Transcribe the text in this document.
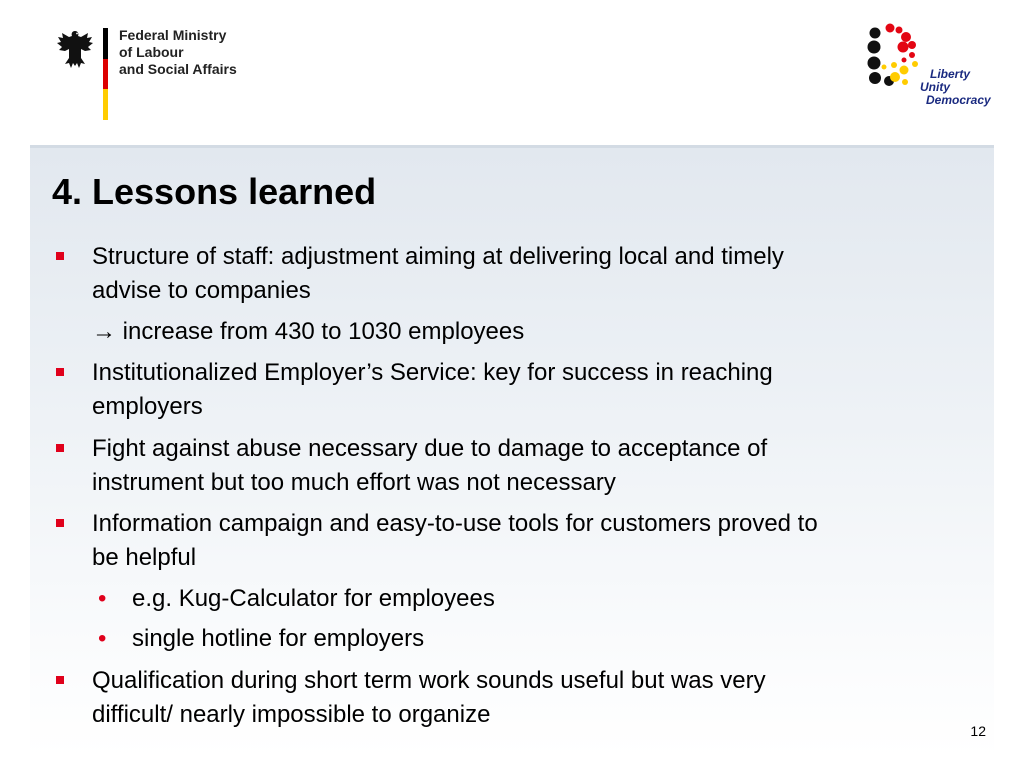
Federal Ministry
of Labour
and Social Affairs	Liberty
Unity
Democracy
4. Lessons learned
Structure of staff: adjustment aiming at delivering local and timely
advise to companies
→ increase from 430 to 1030 employees
Institutionalized Employer’s Service: key for success in reaching
employers
Fight against abuse necessary due to damage to acceptance of
instrument but too much effort was not necessary
Information campaign and easy-to-use tools for customers proved to
be helpful
• e.g. Kug-Calculator for employees
• single hotline for employers
Qualification during short term work sounds useful but was very
difficult/ nearly impossible to organize
12
